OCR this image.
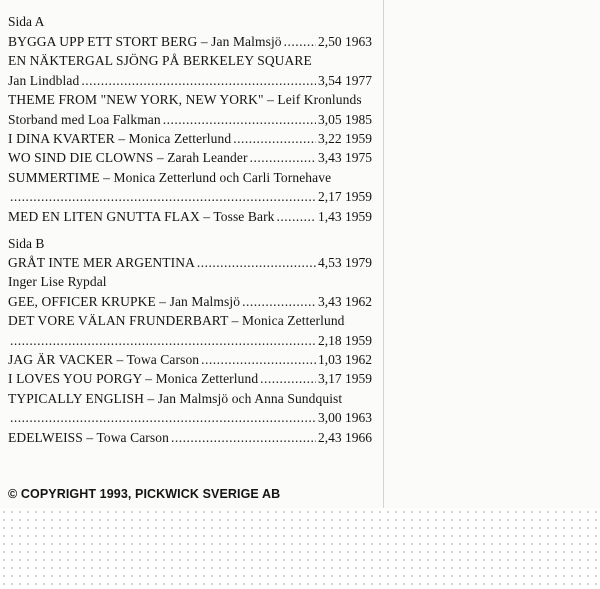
Sida A
BYGGA UPP ETT STORT BERG – Jan Malmsjö .....	2,50 1963
EN NÄKTERGAL SJÖNG PÅ BERKELEY SQUARE
Jan Lindblad .....	3,54 1977
THEME FROM "NEW YORK, NEW YORK" – Leif Kronlunds
Storband med Loa Falkman .....	3,05 1985
I DINA KVARTER – Monica Zetterlund .....	3,22 1959
WO SIND DIE CLOWNS – Zarah Leander .....	3,43 1975
SUMMERTIME – Monica Zetterlund och Carli Tornehave
.....
2,17 1959
MED EN LITEN GNUTTA FLAX – Tosse Bark .....	1,43 1959
Sida B
GRÅT INTE MER ARGENTINA .....	4,53 1979
Inger Lise Rypdal
GEE, OFFICER KRUPKE – Jan Malmsjö .....	3,43 1962
DET VORE VÄLAN FRUNDERBART – Monica Zetterlund
.....
2,18 1959
JAG ÄR VACKER – Towa Carson .....	1,03 1962
I LOVES YOU PORGY – Monica Zetterlund .....	3,17 1959
TYPICALLY ENGLISH – Jan Malmsjö och Anna Sundquist
.....
3,00 1963
EDELWEISS – Towa Carson .....	2,43 1966
© COPYRIGHT 1993, PICKWICK SVERIGE AB
